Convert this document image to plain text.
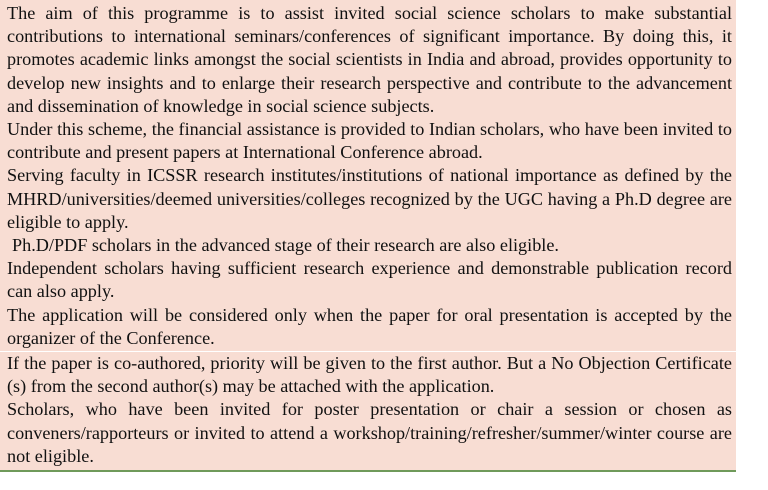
The aim of this programme is to assist invited social science scholars to make substantial contributions to international seminars/conferences of significant importance. By doing this, it promotes academic links amongst the social scientists in India and abroad, provides opportunity to develop new insights and to enlarge their research perspective and contribute to the advancement and dissemination of knowledge in social science subjects.

Under this scheme, the financial assistance is provided to Indian scholars, who have been invited to contribute and present papers at International Conference abroad.

Serving faculty in ICSSR research institutes/institutions of national importance as defined by the MHRD/universities/deemed universities/colleges recognized by the UGC having a Ph.D degree are eligible to apply.

Ph.D/PDF scholars in the advanced stage of their research are also eligible.

Independent scholars having sufficient research experience and demonstrable publication record can also apply.

The application will be considered only when the paper for oral presentation is accepted by the organizer of the Conference.

If the paper is co-authored, priority will be given to the first author. But a No Objection Certificate (s) from the second author(s) may be attached with the application.

Scholars, who have been invited for poster presentation or chair a session or chosen as conveners/rapporteurs or invited to attend a workshop/training/refresher/summer/winter course are not eligible.
